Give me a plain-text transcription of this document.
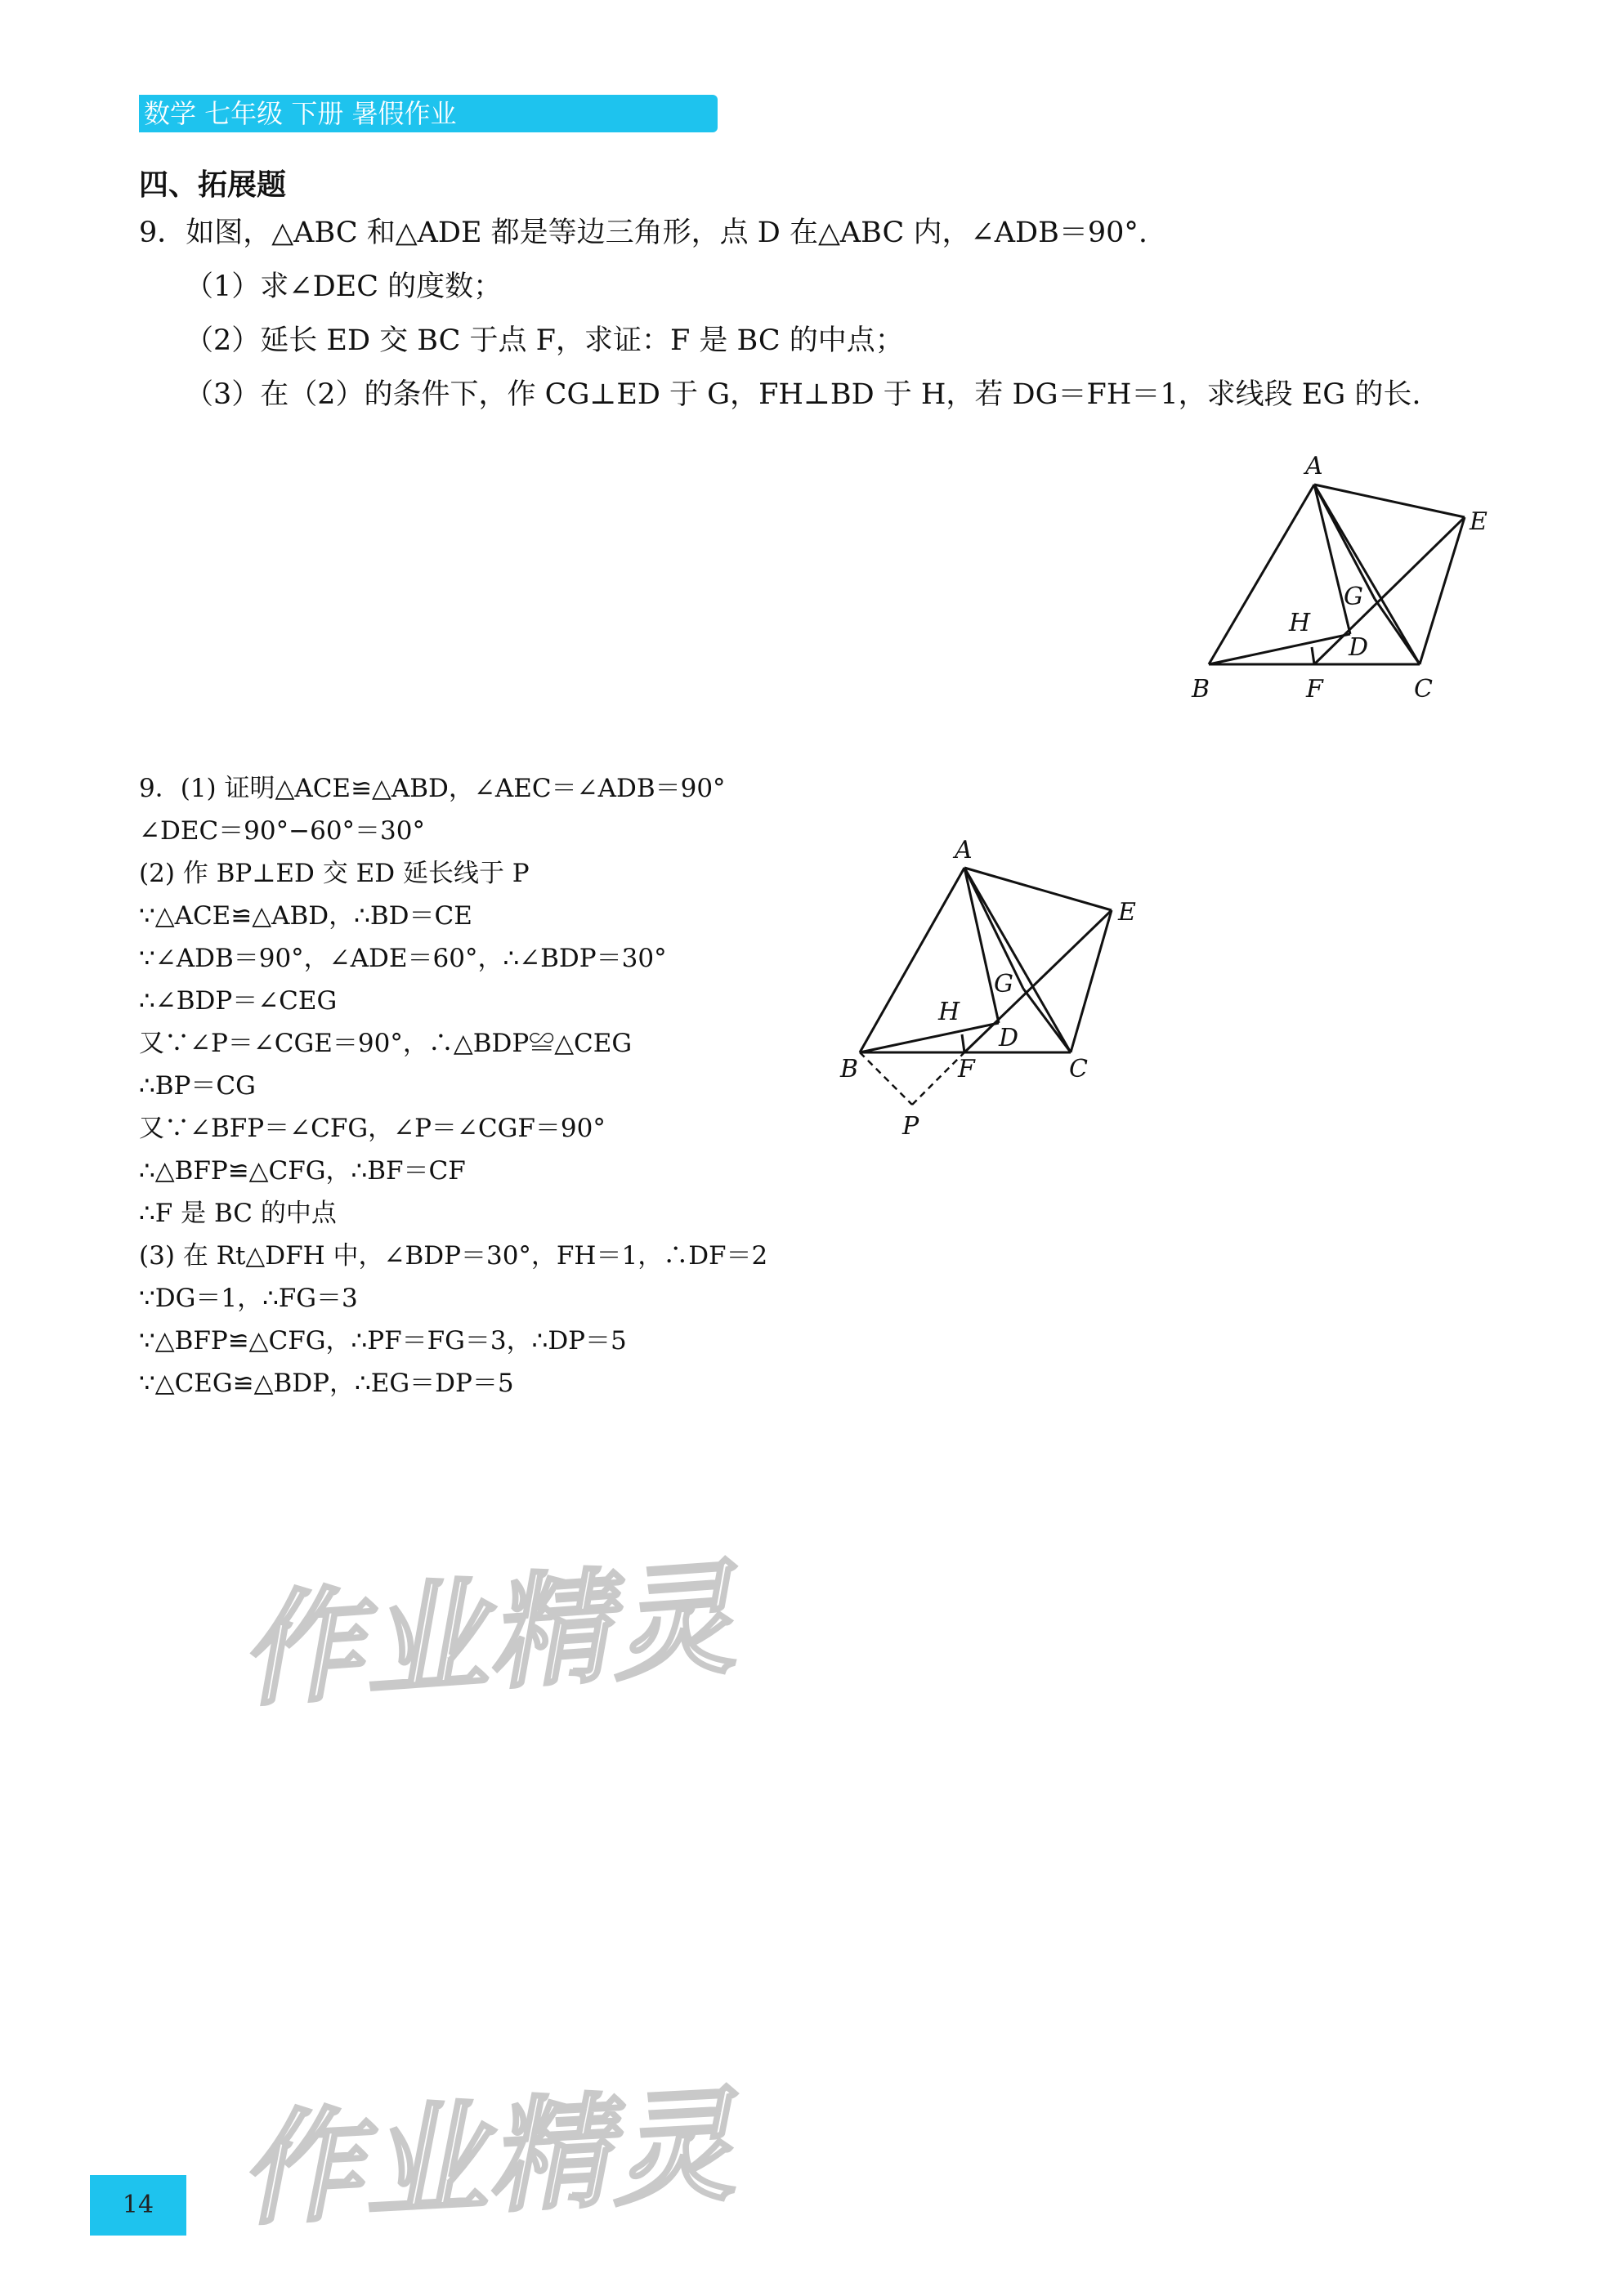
数学 七年级 下册 暑假作业
四、拓展题
9．如图，△ABC 和△ADE 都是等边三角形，点 D 在△ABC 内，∠ADB＝90°.
（1）求∠DEC 的度数；
（2）延长 ED 交 BC 于点 F，求证：F 是 BC 的中点；
（3）在（2）的条件下，作 CG⊥ED 于 G，FH⊥BD 于 H，若 DG＝FH＝1，求线段 EG 的长.
A
B	C
D
E
F
G
H
9．(1) 证明△ACE≌△ABD，∠AEC＝∠ADB＝90°
∠DEC＝90°−60°＝30°
(2) 作 BP⊥ED 交 ED 延长线于 P
∵△ACE≌△ABD，∴BD＝CE
∵∠ADB＝90°，∠ADE＝60°，∴∠BDP＝30°
∴∠BDP＝∠CEG
又∵∠P＝∠CGE＝90°，∴△BDP≌△CEG
∴BP＝CG
又∵∠BFP＝∠CFG，∠P＝∠CGF＝90°
∴△BFP≌△CFG，∴BF＝CF
∴F 是 BC 的中点
(3) 在 Rt△DFH 中，∠BDP＝30°，FH＝1，∴DF＝2
∵DG＝1，∴FG＝3
∵△BFP≌△CFG，∴PF＝FG＝3，∴DP＝5
∵△CEG≌△BDP，∴EG＝DP＝5
A
B	C
D
E
F
G
H
P
作业精灵
作业精灵
14
